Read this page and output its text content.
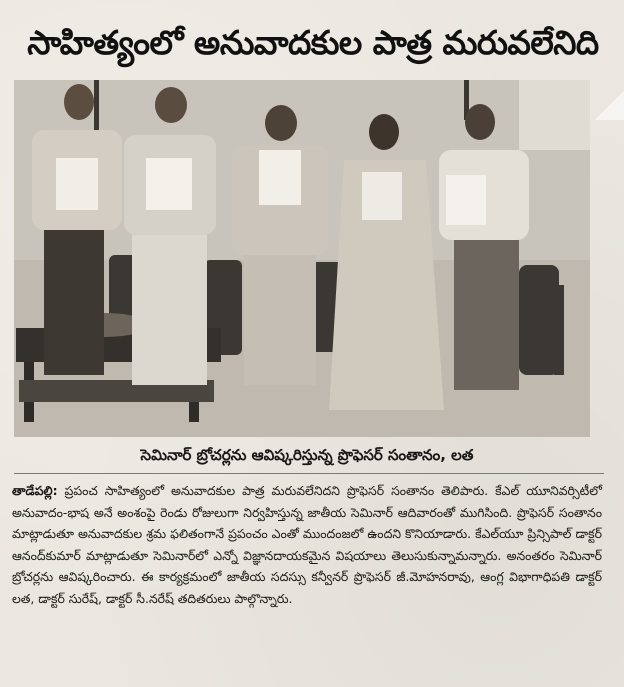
సాహిత్యంలో అనువాదకుల పాత్ర మరువలేనిది
సెమినార్ బ్రోచర్లను ఆవిష్కరిస్తున్న ప్రొఫెసర్ సంతానం, లత

తాడేపల్లి: ప్రపంచ సాహిత్యంలో అనువాదకుల పాత్ర మరువలేనిదని ప్రొఫెసర్ సంతానం తెలిపారు. కేఎల్ యూనివర్సిటీలో అనువాదం-భాష అనే అంశంపై రెండు రోజులుగా నిర్వహిస్తున్న జాతీయ సెమినార్ ఆదివారంతో ముగిసింది. ప్రొఫెసర్ సంతానం మాట్లాడుతూ అనువాదకుల శ్రమ ఫలితంగానే ప్రపంచం ఎంతో ముందంజలో ఉందని కొనియాడారు. కేఎల్‌యూ ప్రిన్సిపాల్ డాక్టర్ ఆనంద్‌కుమార్ మాట్లాడుతూ సెమినార్‌లో ఎన్నో విజ్ఞానదాయకమైన విషయాలు తెలుసుకున్నామన్నారు. అనంతరం సెమినార్ బ్రోచర్లను ఆవిష్కరించారు. ఈ కార్యక్రమంలో జాతీయ సదస్సు కన్వీనర్ ప్రొఫెసర్ జీ.మోహనరావు, ఆంగ్ల విభాగాధిపతి డాక్టర్ లత, డాక్టర్ సురేష్, డాక్టర్ సీ.నరేష్ తదితరులు పాల్గొన్నారు.
